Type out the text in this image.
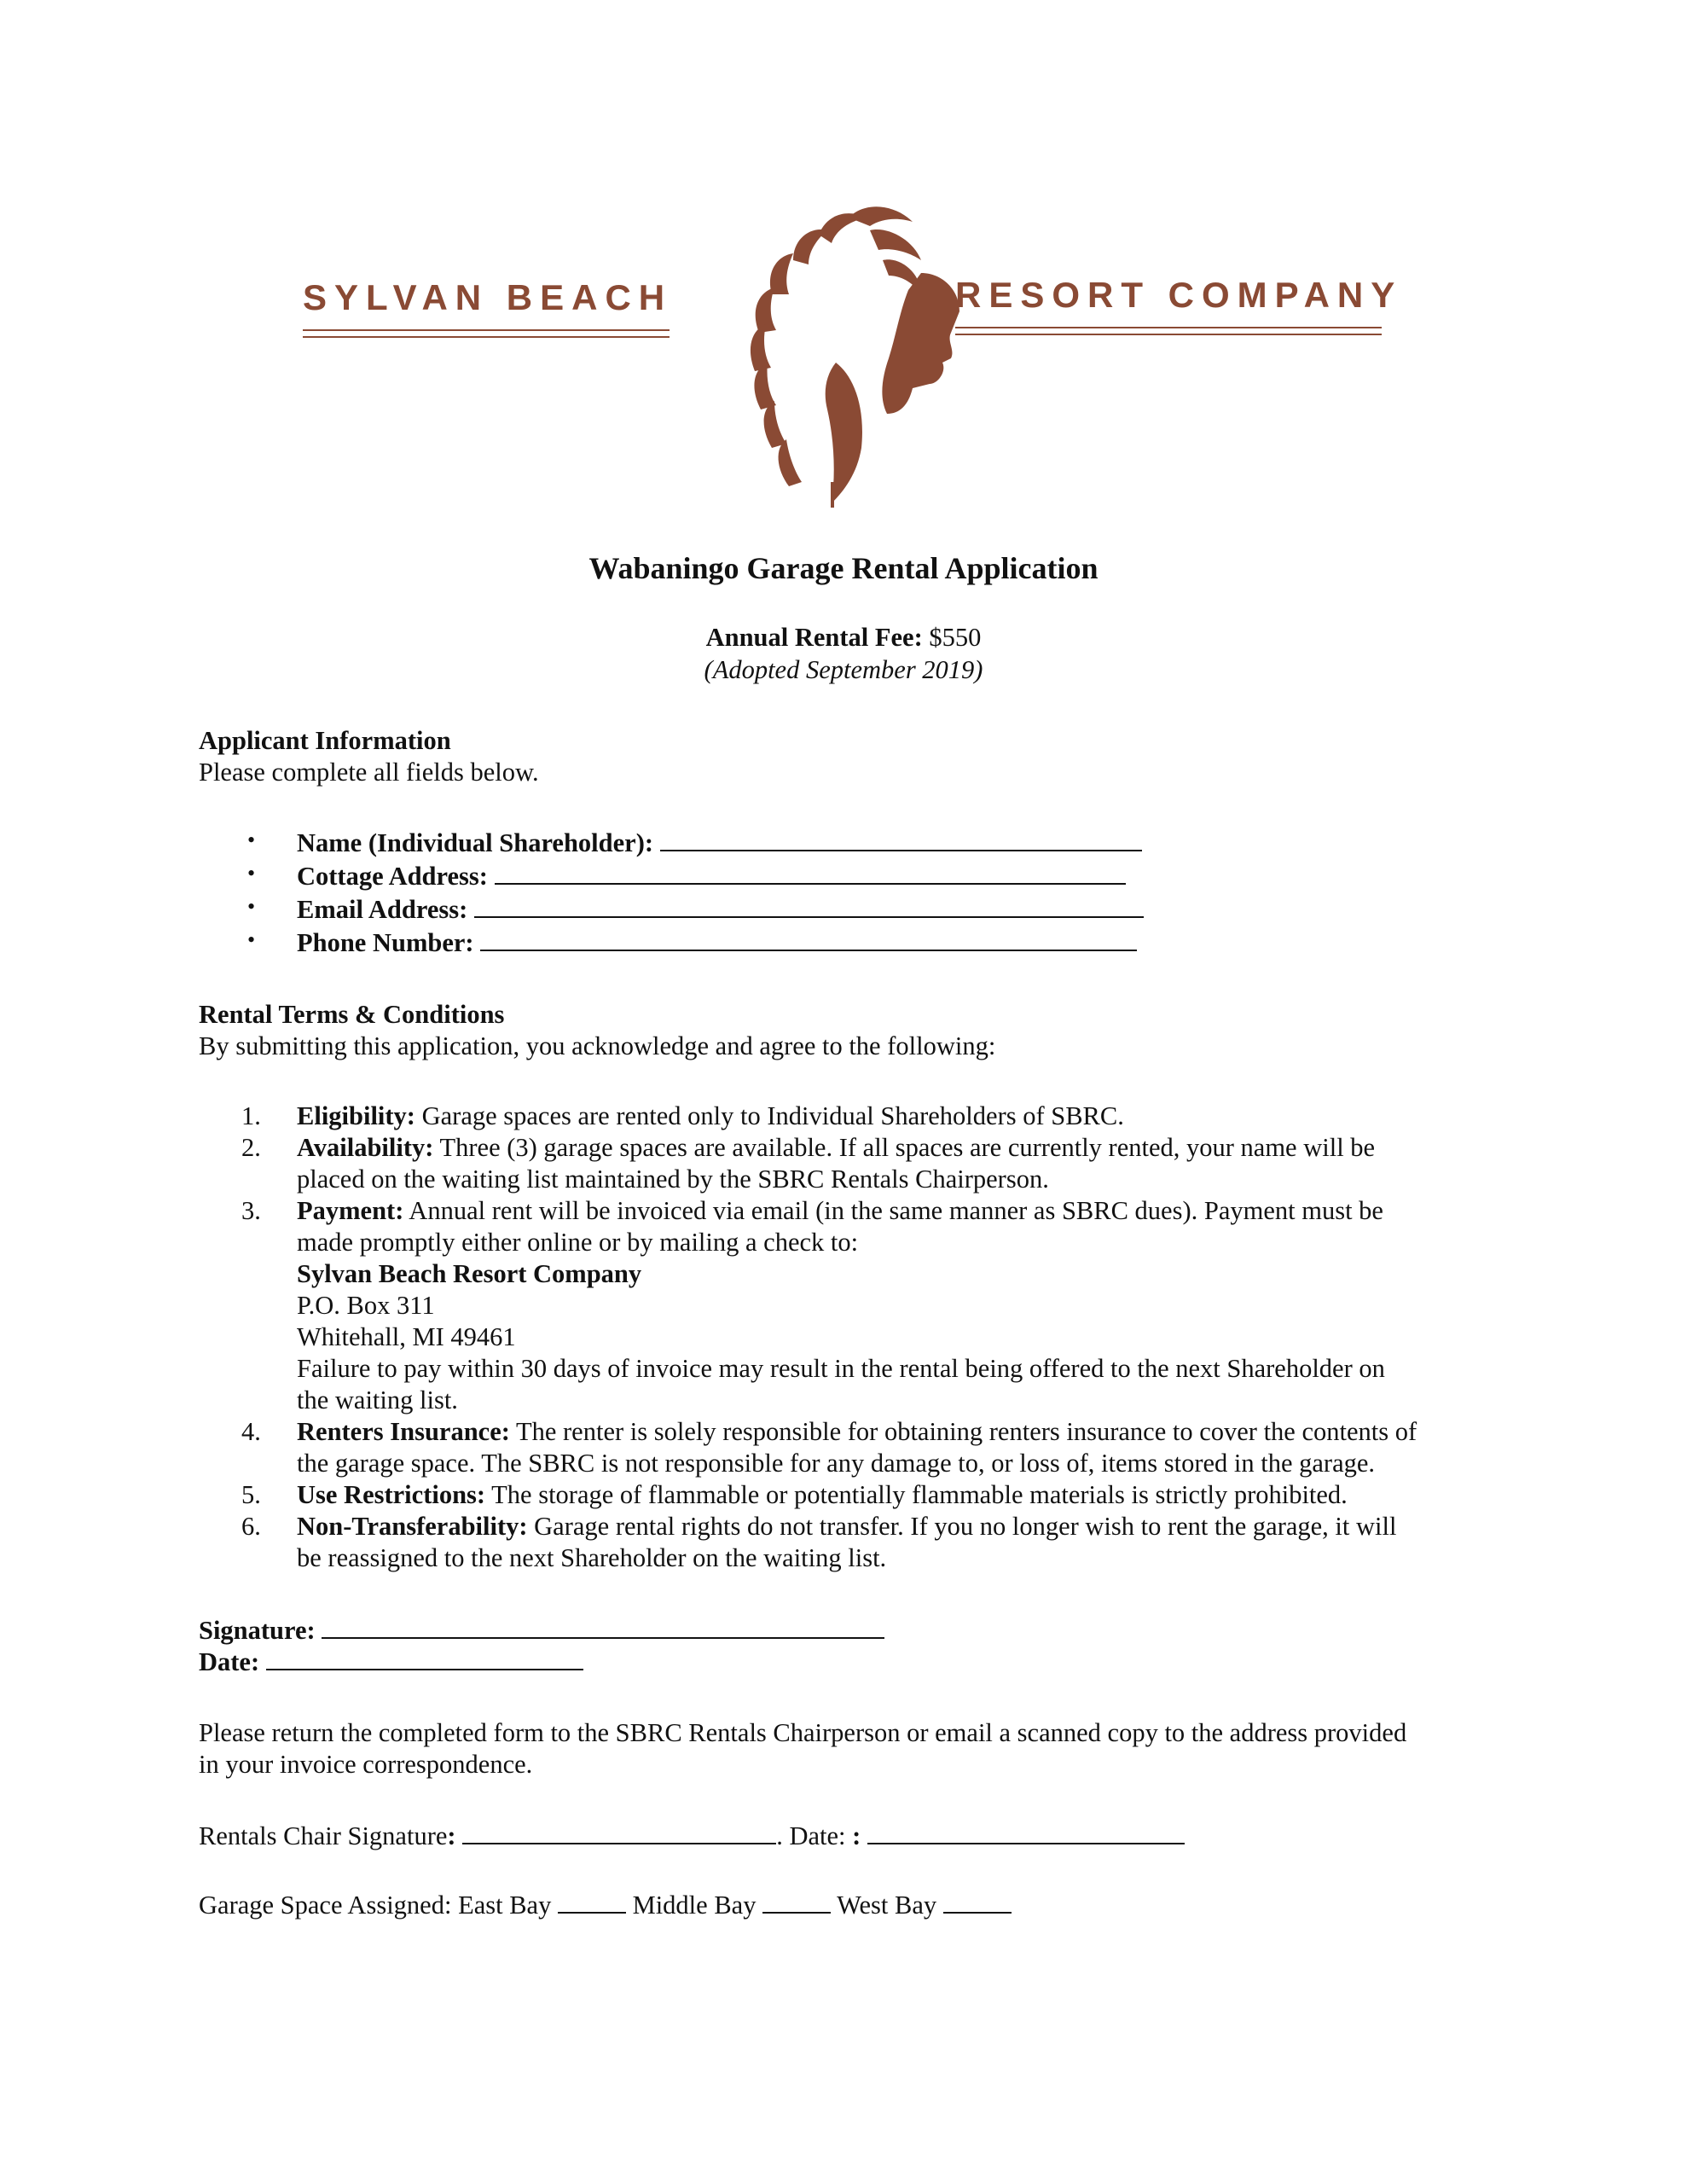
SYLVAN BEACH	RESORT COMPANY
Wabaningo Garage Rental Application
Annual Rental Fee: $550
(Adopted September 2019)
Applicant Information
Please complete all fields below.
• Name (Individual Shareholder):
• Cottage Address:
• Email Address:
• Phone Number:
Rental Terms & Conditions
By submitting this application, you acknowledge and agree to the following:
1. Eligibility: Garage spaces are rented only to Individual Shareholders of SBRC.
2. Availability: Three (3) garage spaces are available. If all spaces are currently rented, your name will be
placed on the waiting list maintained by the SBRC Rentals Chairperson.
3. Payment: Annual rent will be invoiced via email (in the same manner as SBRC dues). Payment must be
made promptly either online or by mailing a check to:
Sylvan Beach Resort Company
P.O. Box 311
Whitehall, MI 49461
Failure to pay within 30 days of invoice may result in the rental being offered to the next Shareholder on
the waiting list.
4. Renters Insurance: The renter is solely responsible for obtaining renters insurance to cover the contents of
the garage space. The SBRC is not responsible for any damage to, or loss of, items stored in the garage.
5. Use Restrictions: The storage of flammable or potentially flammable materials is strictly prohibited.
6. Non-Transferability: Garage rental rights do not transfer. If you no longer wish to rent the garage, it will
be reassigned to the next Shareholder on the waiting list.
Signature:
Date:
Please return the completed form to the SBRC Rentals Chairperson or email a scanned copy to the address provided
in your invoice correspondence.
Rentals Chair Signature:	. Date: :
Garage Space Assigned: East Bay	Middle Bay	West Bay
